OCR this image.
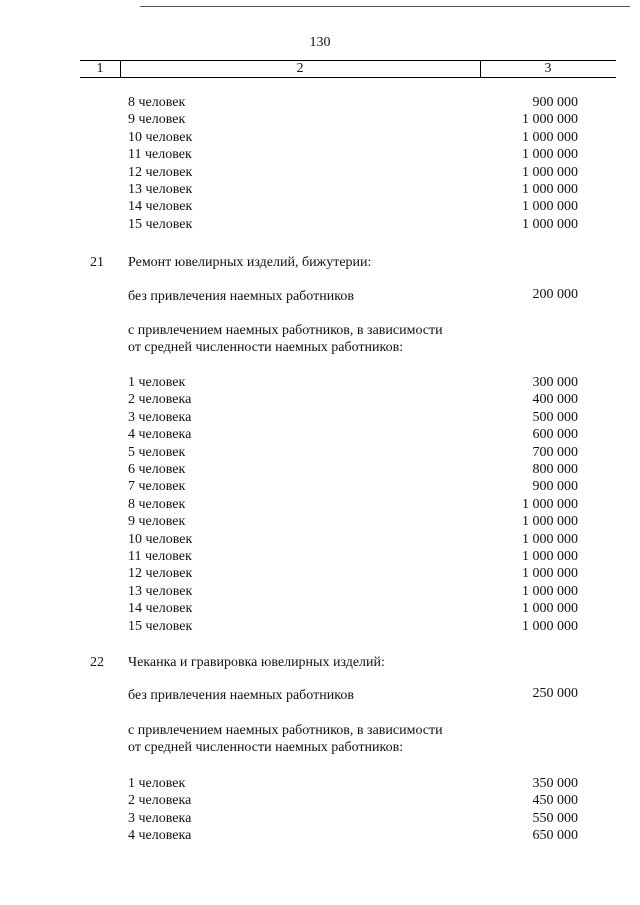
130
1	2	3
8 человек	900 000
9 человек	1 000 000
10 человек	1 000 000
11 человек	1 000 000
12 человек	1 000 000
13 человек	1 000 000
14 человек	1 000 000
15 человек	1 000 000
21 Ремонт ювелирных изделий, бижутерии:
без привлечения наемных работников	200 000
с привлечением наемных работников, в зависимости
от средней численности наемных работников:
1 человек	300 000
2 человека	400 000
3 человека	500 000
4 человека	600 000
5 человек	700 000
6 человек	800 000
7 человек	900 000
8 человек	1 000 000
9 человек	1 000 000
10 человек	1 000 000
11 человек	1 000 000
12 человек	1 000 000
13 человек	1 000 000
14 человек	1 000 000
15 человек	1 000 000
22 Чеканка и гравировка ювелирных изделий:
без привлечения наемных работников	250 000
с привлечением наемных работников, в зависимости
от средней численности наемных работников:
1 человек	350 000
2 человека	450 000
3 человека	550 000
4 человека	650 000
